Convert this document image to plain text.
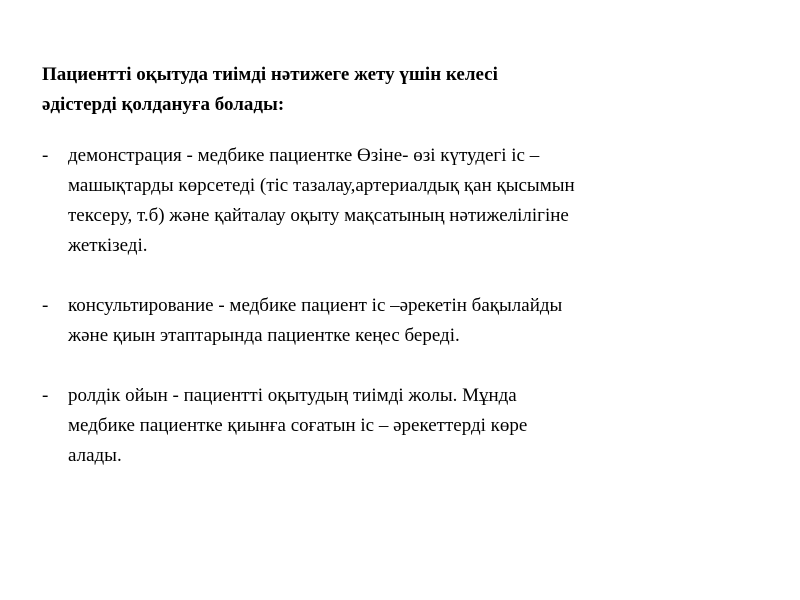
Пациентті оқытуда тиімді нәтижеге жету үшін келесі
әдістерді қолдануға болады:
- демонстрация - медбике пациентке Өзіне- өзі күтудегі іс –
машықтарды көрсетеді (тіс тазалау,артериалдық қан қысымын
тексеру, т.б) және қайталау оқыту мақсатының нәтижелілігіне
жеткізеді.
- консультирование - медбике пациент іс –әрекетін бақылайды
және қиын этаптарында пациентке кеңес береді.
- ролдік ойын - пациентті оқытудың тиімді жолы. Мұнда
медбике пациентке қиынға соғатын іс – әрекеттерді көре
алады.
